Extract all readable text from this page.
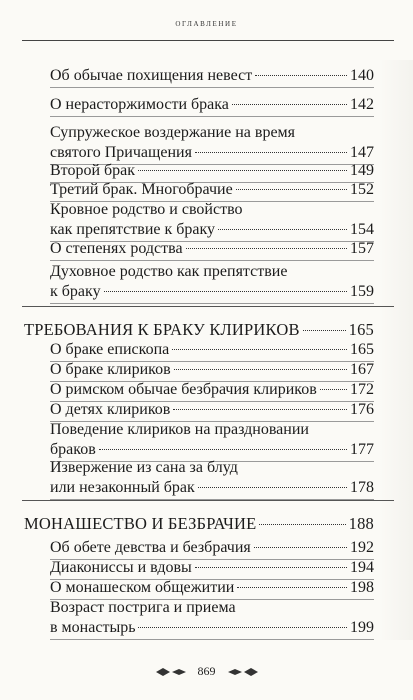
оглавление
Об обычае похищения невест	140
О нерасторжимости брака	142
Супружеское воздержание на время
святого Причащения	147
Второй брак	149
Третий брак. Многобрачие	152
Кровное родство и свойство
как препятствие к браку	154
О степенях родства	157
Духовное родство как препятствие
к браку	159
ТРЕБОВАНИЯ К БРАКУ КЛИРИКОВ	165
О браке епископа	165
О браке клириков	167
О римском обычае безбрачия клириков 172
О детях клириков	176
Поведение клириков на праздновании
браков	177
Извержение из сана за блуд
или незаконный брак	178
МОНАШЕСТВО И БЕЗБРАЧИЕ	188
Об обете девства и безбрачия	192
Диакониссы и вдовы	194
О монашеском общежитии	198
Возраст пострига и приема
в монастырь	199
869
